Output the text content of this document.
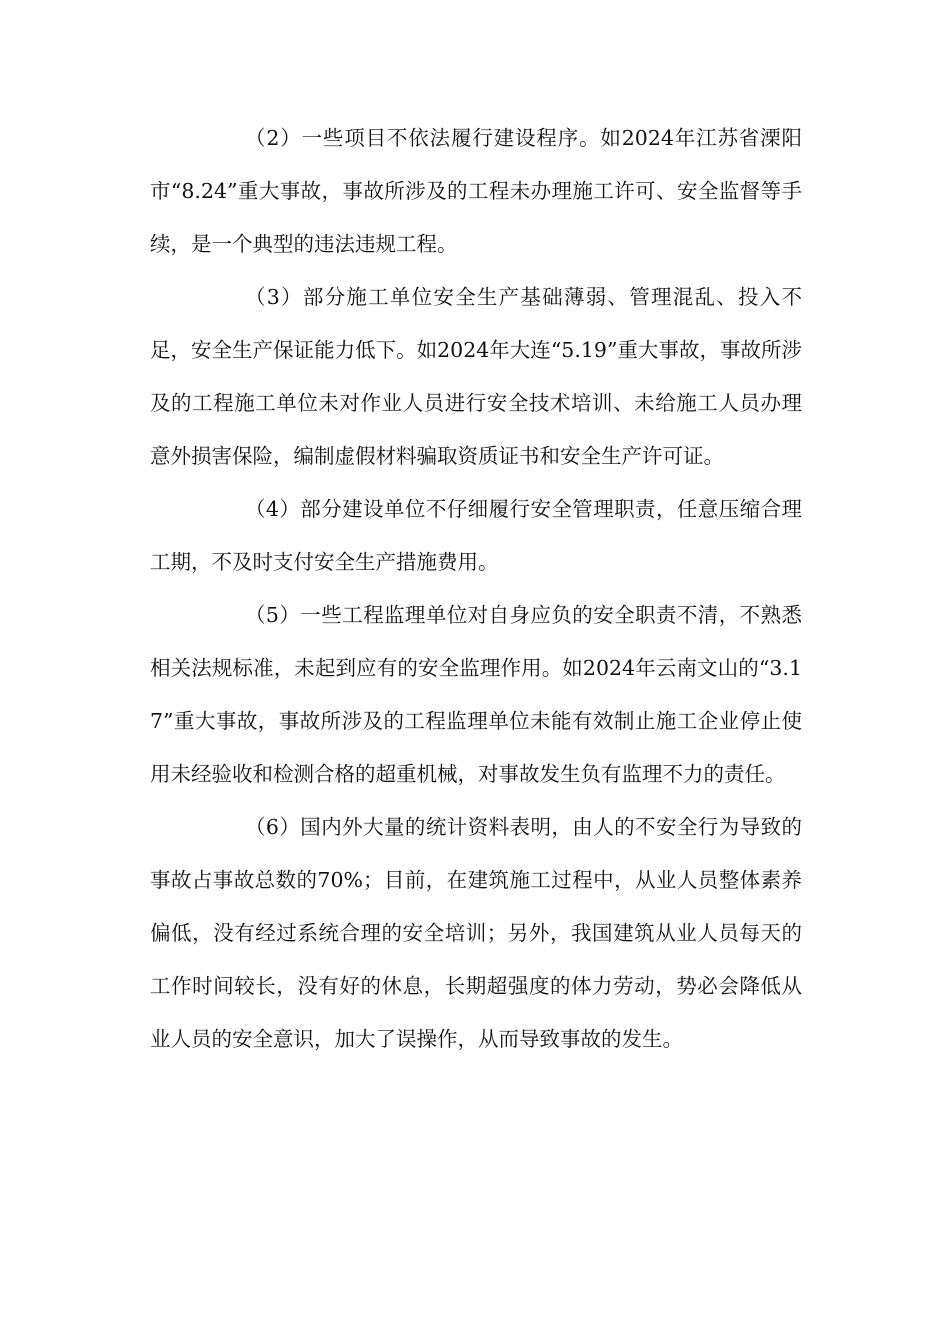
（2）一些项目不依法履行建设程序。如2024年江苏省溧阳市“8.24”重大事故，事故所涉及的工程未办理施工许可、安全监督等手续，是一个典型的违法违规工程。

（3）部分施工单位安全生产基础薄弱、管理混乱、投入不足，安全生产保证能力低下。如2024年大连“5.19”重大事故，事故所涉及的工程施工单位未对作业人员进行安全技术培训、未给施工人员办理意外损害保险，编制虚假材料骗取资质证书和安全生产许可证。

（4）部分建设单位不仔细履行安全管理职责，任意压缩合理工期，不及时支付安全生产措施费用。

（5）一些工程监理单位对自身应负的安全职责不清，不熟悉相关法规标准，未起到应有的安全监理作用。如2024年云南文山的“3.17”重大事故，事故所涉及的工程监理单位未能有效制止施工企业停止使用未经验收和检测合格的超重机械，对事故发生负有监理不力的责任。

（6）国内外大量的统计资料表明，由人的不安全行为导致的事故占事故总数的70%；目前，在建筑施工过程中，从业人员整体素养偏低，没有经过系统合理的安全培训；另外，我国建筑从业人员每天的工作时间较长，没有好的休息，长期超强度的体力劳动，势必会降低从业人员的安全意识，加大了误操作，从而导致事故的发生。
